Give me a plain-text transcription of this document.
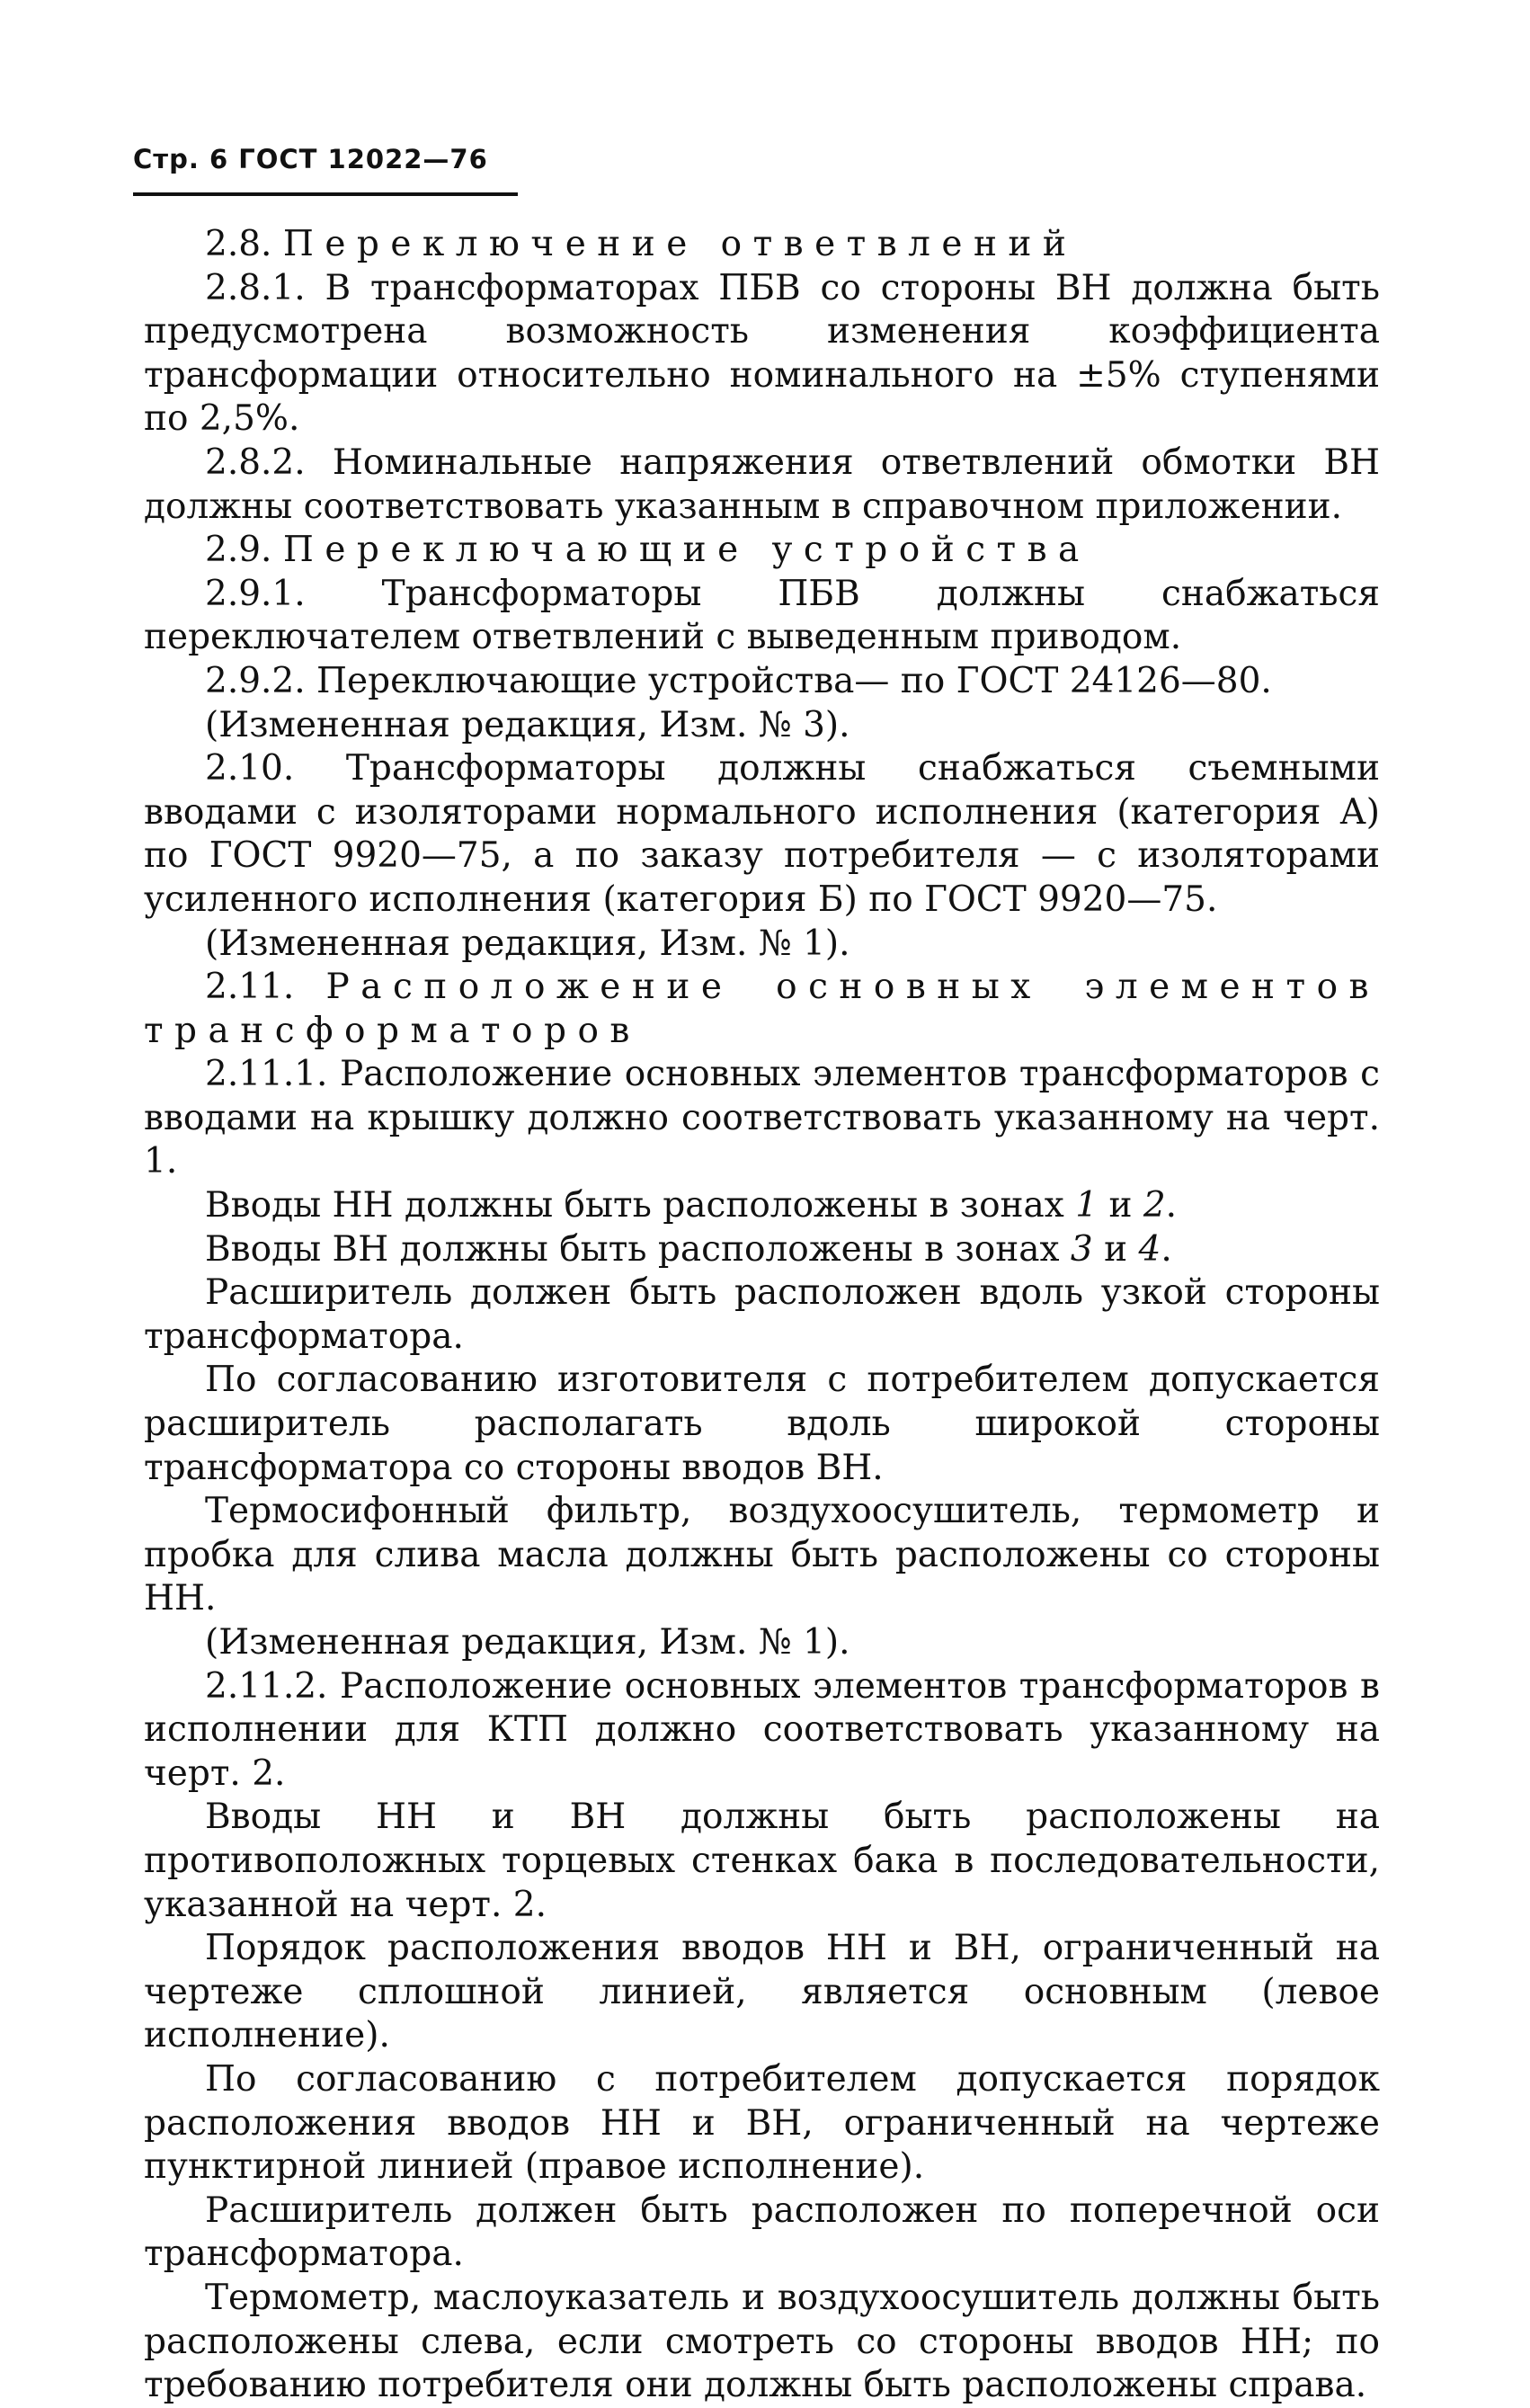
Стр. 6 ГОСТ 12022—76

2.8. Переключение ответвлений

2.8.1. В трансформаторах ПБВ со стороны ВН должна быть предусмотрена возможность изменения коэффициента трансформации относительно номинального на ±5% ступенями по 2,5%.

2.8.2. Номинальные напряжения ответвлений обмотки ВН должны соответствовать указанным в справочном приложении.

2.9. Переключающие устройства

2.9.1. Трансформаторы ПБВ должны снабжаться переключателем ответвлений с выведенным приводом.

2.9.2. Переключающие устройства— по ГОСТ 24126—80.

(Измененная редакция, Изм. № 3).

2.10. Трансформаторы должны снабжаться съемными вводами с изоляторами нормального исполнения (категория А) по ГОСТ 9920—75, а по заказу потребителя — с изоляторами усиленного исполнения (категория Б) по ГОСТ 9920—75.

(Измененная редакция, Изм. № 1).

2.11. Расположение основных элементов трансформаторов

2.11.1. Расположение основных элементов трансформаторов с вводами на крышку должно соответствовать указанному на черт. 1.

Вводы НН должны быть расположены в зонах 1 и 2.

Вводы ВН должны быть расположены в зонах 3 и 4.

Расширитель должен быть расположен вдоль узкой стороны трансформатора.

По согласованию изготовителя с потребителем допускается расширитель располагать вдоль широкой стороны трансформатора со стороны вводов ВН.

Термосифонный фильтр, воздухоосушитель, термометр и пробка для слива масла должны быть расположены со стороны НН.

(Измененная редакция, Изм. № 1).

2.11.2. Расположение основных элементов трансформаторов в исполнении для КТП должно соответствовать указанному на черт. 2.

Вводы НН и ВН должны быть расположены на противоположных торцевых стенках бака в последовательности, указанной на черт. 2.

Порядок расположения вводов НН и ВН, ограниченный на чертеже сплошной линией, является основным (левое исполнение).

По согласованию с потребителем допускается порядок расположения вводов НН и ВН, ограниченный на чертеже пунктирной линией (правое исполнение).

Расширитель должен быть расположен по поперечной оси трансформатора.

Термометр, маслоуказатель и воздухоосушитель должны быть расположены слева, если смотреть со стороны вводов НН; по требованию потребителя они должны быть расположены справа.
